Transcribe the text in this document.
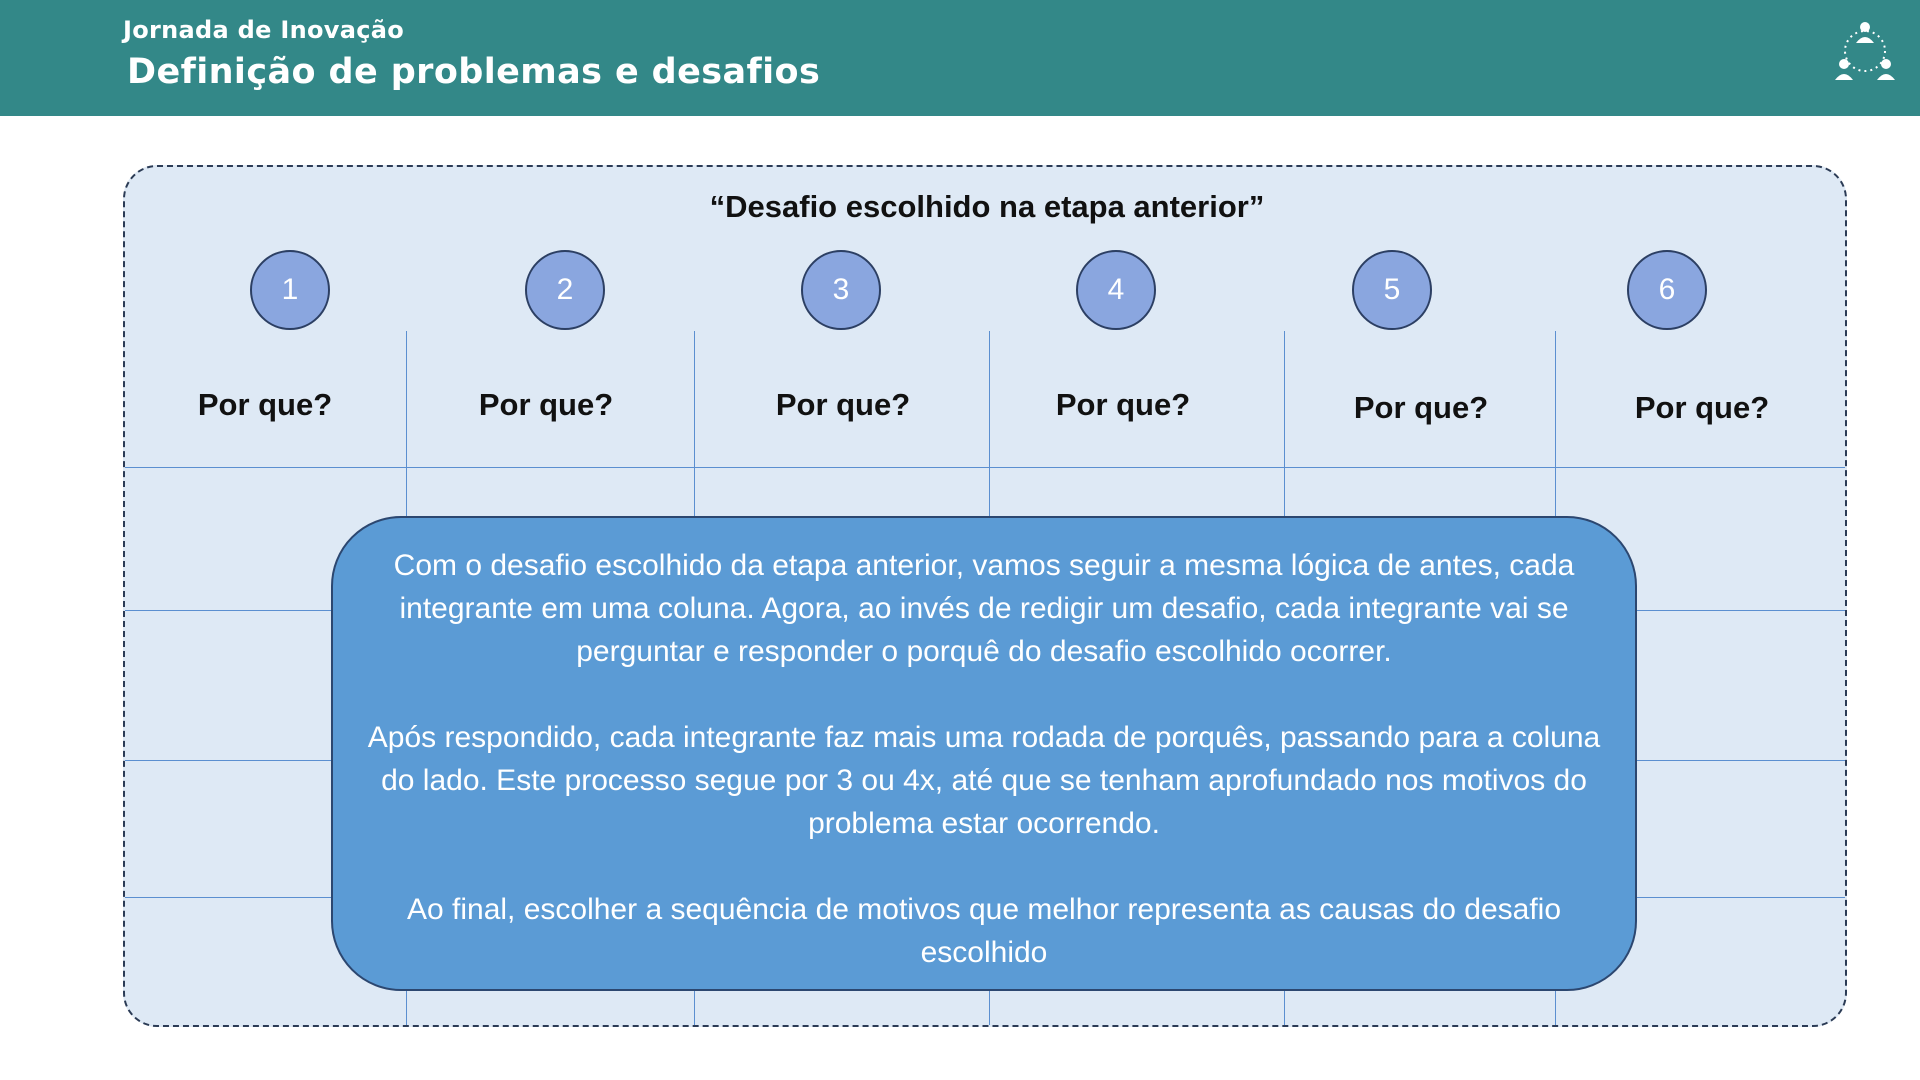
Jornada de Inovação
Definição de problemas e desafios
“Desafio escolhido na etapa anterior”
1	2	3	4	5	6
Por que?	Por que?	Por que?	Por que?	Por que?	Por que?

Com o desafio escolhido da etapa anterior, vamos seguir a mesma lógica de antes, cada integrante em uma coluna. Agora, ao invés de redigir um desafio, cada integrante vai se perguntar e responder o porquê do desafio escolhido ocorrer.

Após respondido, cada integrante faz mais uma rodada de porquês, passando para a coluna do lado. Este processo segue por 3 ou 4x, até que se tenham aprofundado nos motivos do problema estar ocorrendo.

Ao final, escolher a sequência de motivos que melhor representa as causas do desafio escolhido
